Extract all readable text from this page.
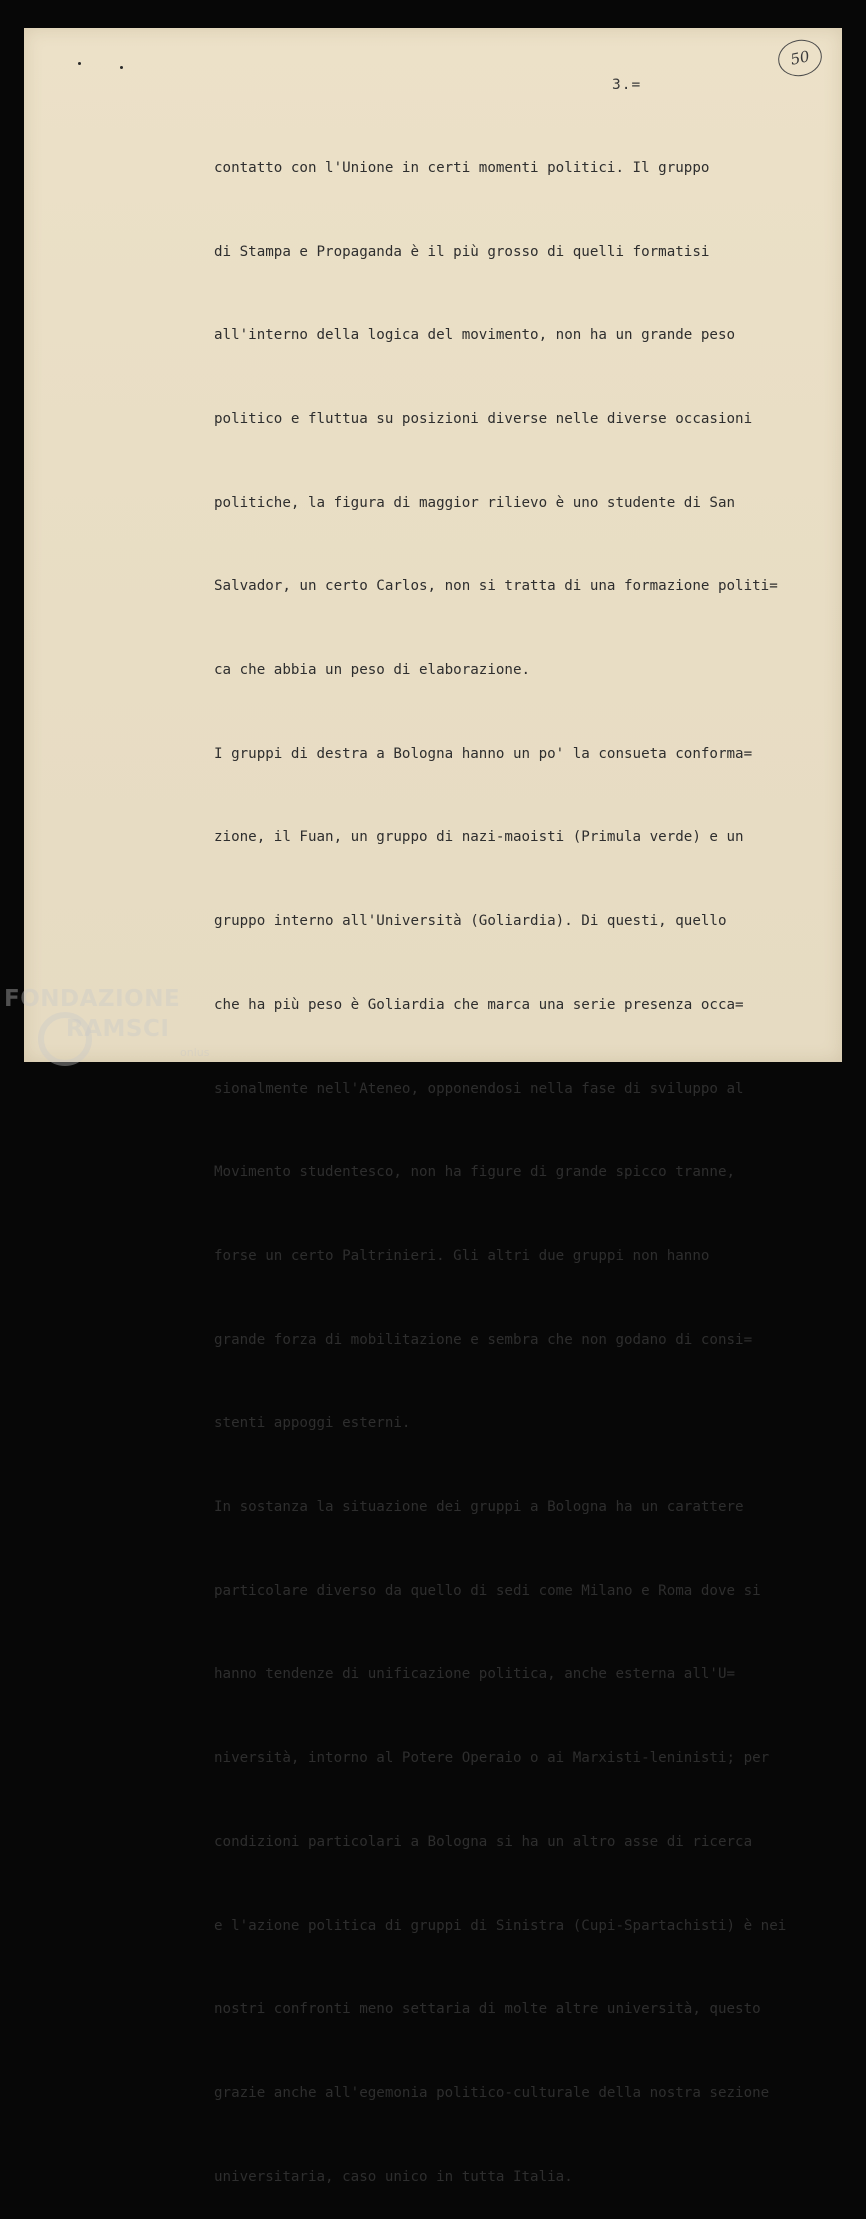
3.=
50

contatto con l'Unione in certi momenti politici. Il gruppo

di Stampa e Propaganda è il più grosso di quelli formatisi

all'interno della logica del movimento, non ha un grande peso

politico e fluttua su posizioni diverse nelle diverse occasioni

politiche, la figura di maggior rilievo è uno studente di San

Salvador, un certo Carlos, non si tratta di una formazione politi=

ca che abbia un peso di elaborazione.

I gruppi di destra a Bologna hanno un po' la consueta conforma=

zione, il Fuan, un gruppo di nazi-maoisti (Primula verde) e un

gruppo interno all'Università (Goliardia). Di questi, quello

che ha più peso è Goliardia che marca una serie presenza occa=

sionalmente nell'Ateneo, opponendosi nella fase di sviluppo al

Movimento studentesco, non ha figure di grande spicco tranne,

forse un certo Paltrinieri. Gli altri due gruppi non hanno

grande forza di mobilitazione e sembra che non godano di consi=

stenti appoggi esterni.

In sostanza la situazione dei gruppi a Bologna ha un carattere

particolare diverso da quello di sedi come Milano e Roma dove si

hanno tendenze di unificazione politica, anche esterna all'U=

niversità, intorno al Potere Operaio o ai Marxisti-leninisti; per

condizioni particolari a Bologna si ha un altro asse di ricerca

e l'azione politica di gruppi di Sinistra (Cupi-Spartachisti) è nei

nostri confronti meno settaria di molte altre università, questo

grazie anche all'egemonia politico-culturale della nostra sezione

universitaria, caso unico in tutta Italia.

FONDAZIONE
RAMSCI
onlus
